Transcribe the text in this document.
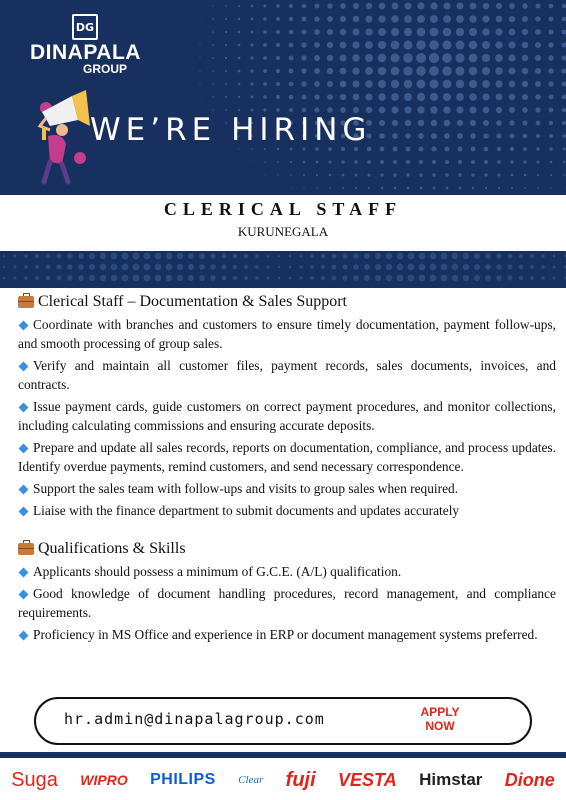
DG
DINAPALA
GROUP
WE’RE HIRING
CLERICAL STAFF
KURUNEGALA
Clerical Staff – Documentation & Sales Support
Coordinate with branches and customers to ensure timely documentation, payment follow-ups, and smooth processing of group sales.
Verify and maintain all customer files, payment records, sales documents, invoices, and contracts.
Issue payment cards, guide customers on correct payment procedures, and monitor collections, including calculating commissions and ensuring accurate deposits.
Prepare and update all sales records, reports on documentation, compliance, and process updates. Identify overdue payments, remind customers, and send necessary correspondence.
Support the sales team with follow-ups and visits to group sales when required.
Liaise with the finance department to submit documents and updates accurately
Qualifications & Skills
Applicants should possess a minimum of G.C.E. (A/L) qualification.
Good knowledge of document handling procedures, record management, and compliance requirements.
Proficiency in MS Office and experience in ERP or document management systems preferred.
hr.admin@dinapalagroup.com	APPLY
NOW
Suga WIPRO PHILIPS Clear fuji VESTA Himstar Dione
